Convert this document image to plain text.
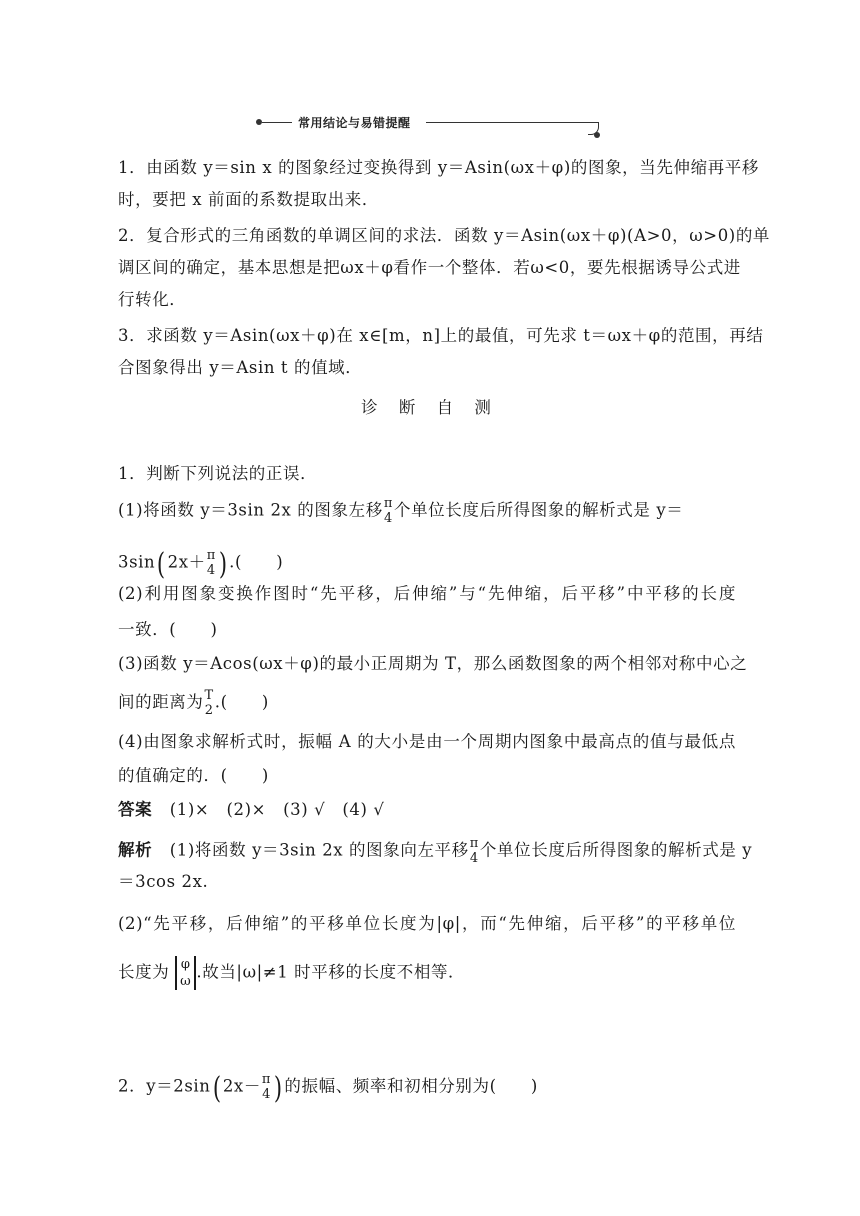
常用结论与易错提醒
1．由函数 y＝sin x 的图象经过变换得到 y＝Asin(ωx＋φ)的图象，当先伸缩再平移
时，要把 x 前面的系数提取出来．
2．复合形式的三角函数的单调区间的求法．函数 y＝Asin(ωx＋φ)(A>0，ω>0)的单
调区间的确定，基本思想是把ωx＋φ看作一个整体．若ω<0，要先根据诱导公式进
行转化．
3．求函数 y＝Asin(ωx＋φ)在 x∈[m，n]上的最值，可先求 t＝ωx＋φ的范围，再结
合图象得出 y＝Asin t 的值域．
诊 断 自 测
1．判断下列说法的正误．
(1)将函数 y＝3sin 2x 的图象左移 π
4 个单位长度后所得图象的解析式是 y＝
3sin( 2x＋ π
4 ) .(　　)
(2)利用图象变换作图时“先平移，后伸缩”与“先伸缩，后平移”中平移的长度
一致．(　　)
(3)函数 y＝Acos(ωx＋φ)的最小正周期为 T，那么函数图象的两个相邻对称中心之
间的距离为 T
2 .(　　)
(4)由图象求解析式时，振幅 A 的大小是由一个周期内图象中最高点的值与最低点
的值确定的．(　　)
答案 (1)×　(2)×　(3) √　(4) √
解析 (1)将函数 y＝3sin 2x 的图象向左平移 π
4 个单位长度后所得图象的解析式是 y
＝3cos 2x.
(2)“先平移，后伸缩”的平移单位长度为|φ|，而“先伸缩，后平移”的平移单位
长度为 φ
ω .故当|ω|≠1 时平移的长度不相等．
2．y＝2sin( 2x－ π
4 ) 的振幅、频率和初相分别为(　　)
